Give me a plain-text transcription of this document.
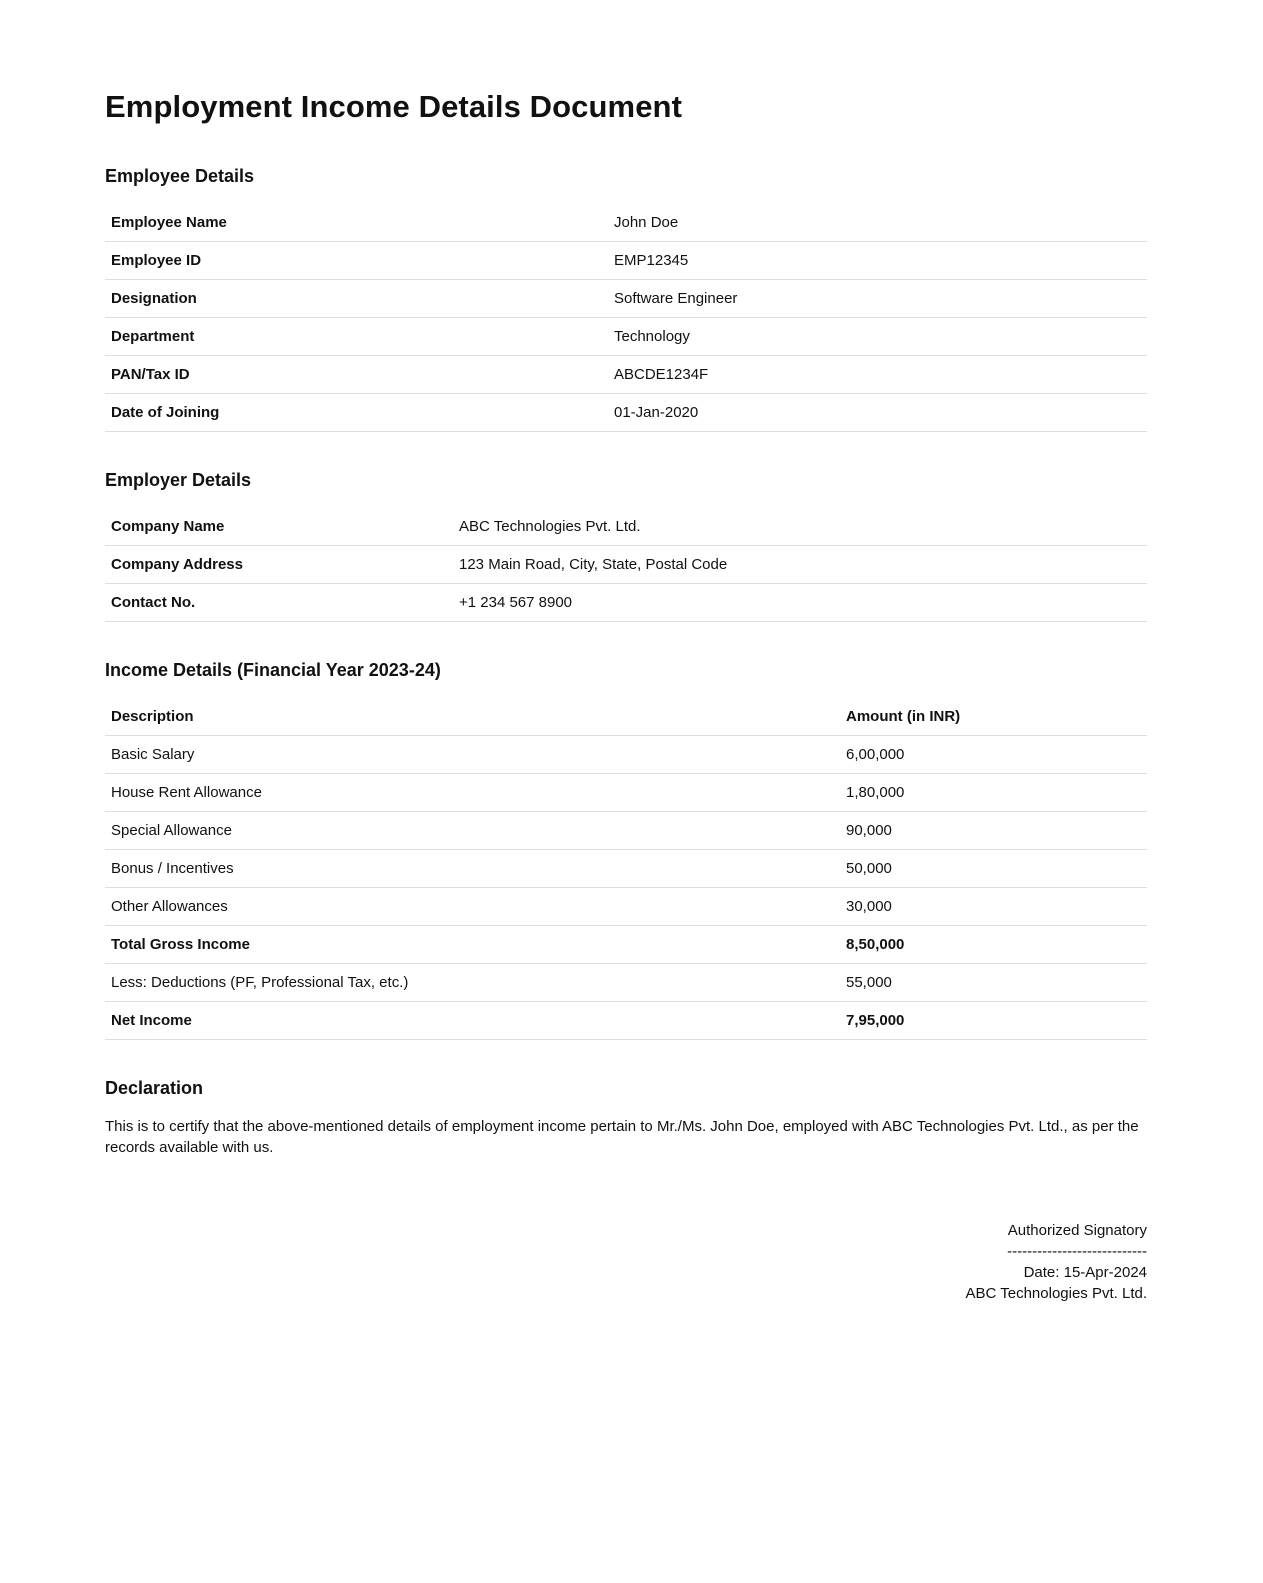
Employment Income Details Document
Employee Details
Employee Name	John Doe
Employee ID	EMP12345
Designation	Software Engineer
Department	Technology
PAN/Tax ID	ABCDE1234F
Date of Joining	01-Jan-2020
Employer Details
Company Name	ABC Technologies Pvt. Ltd.
Company Address	123 Main Road, City, State, Postal Code
Contact No.	+1 234 567 8900
Income Details (Financial Year 2023-24)
Description	Amount (in INR)
Basic Salary	6,00,000
House Rent Allowance	1,80,000
Special Allowance	90,000
Bonus / Incentives	50,000
Other Allowances	30,000
Total Gross Income	8,50,000
Less: Deductions (PF, Professional Tax, etc.)	55,000
Net Income	7,95,000
Declaration

This is to certify that the above-mentioned details of employment income pertain to Mr./Ms. John Doe, employed with ABC Technologies Pvt. Ltd., as per the records available with us.

Authorized Signatory
----------------------------
Date: 15-Apr-2024
ABC Technologies Pvt. Ltd.
